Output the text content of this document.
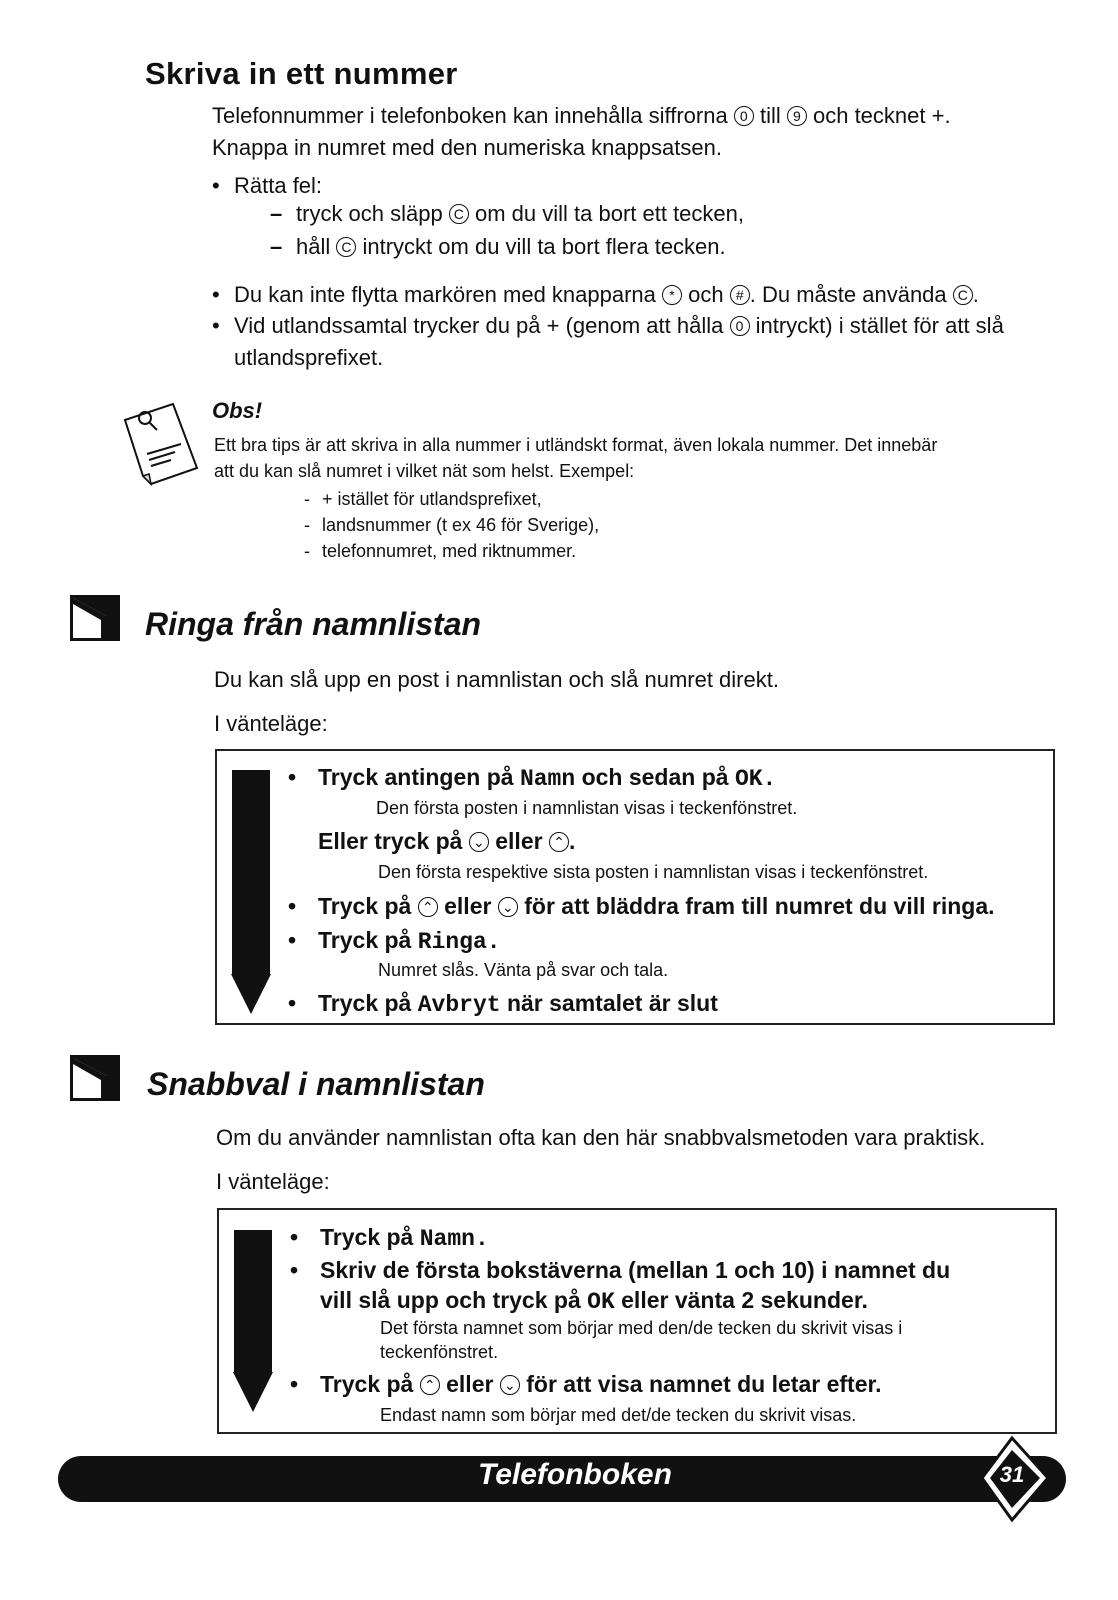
Skriva in ett nummer
Telefonnummer i telefonboken kan innehålla siffrorna 0 till 9 och tecknet +.
Knappa in numret med den numeriska knappsatsen.
• Rätta fel:
– tryck och släpp C om du vill ta bort ett tecken,
– håll C intryckt om du vill ta bort flera tecken.
• Du kan inte flytta markören med knapparna * och # . Du måste använda C .
• Vid utlandssamtal trycker du på + (genom att hålla 0 intryckt) i stället för att slå
utlandsprefixet.
Obs!
Ett bra tips är att skriva in alla nummer i utländskt format, även lokala nummer. Det innebär
att du kan slå numret i vilket nät som helst. Exempel:
- + istället för utlandsprefixet,
- landsnummer (t ex 46 för Sverige),
- telefonnumret, med riktnummer.
Ringa från namnlistan
Du kan slå upp en post i namnlistan och slå numret direkt.
I vänteläge:
• Tryck antingen på Namn och sedan på OK.
Den första posten i namnlistan visas i teckenfönstret.
Eller tryck på ⌄ eller ⌃ .
Den första respektive sista posten i namnlistan visas i teckenfönstret.
• Tryck på ⌃ eller ⌄ för att bläddra fram till numret du vill ringa.
• Tryck på Ringa.
Numret slås. Vänta på svar och tala.
• Tryck på Avbryt när samtalet är slut
Snabbval i namnlistan
Om du använder namnlistan ofta kan den här snabbvalsmetoden vara praktisk.
I vänteläge:
• Tryck på Namn.
• Skriv de första bokstäverna (mellan 1 och 10) i namnet du
vill slå upp och tryck på OK eller vänta 2 sekunder.
Det första namnet som börjar med den/de tecken du skrivit visas i
teckenfönstret.
• Tryck på ⌃ eller ⌄ för att visa namnet du letar efter.
Endast namn som börjar med det/de tecken du skrivit visas.
Telefonboken	31
